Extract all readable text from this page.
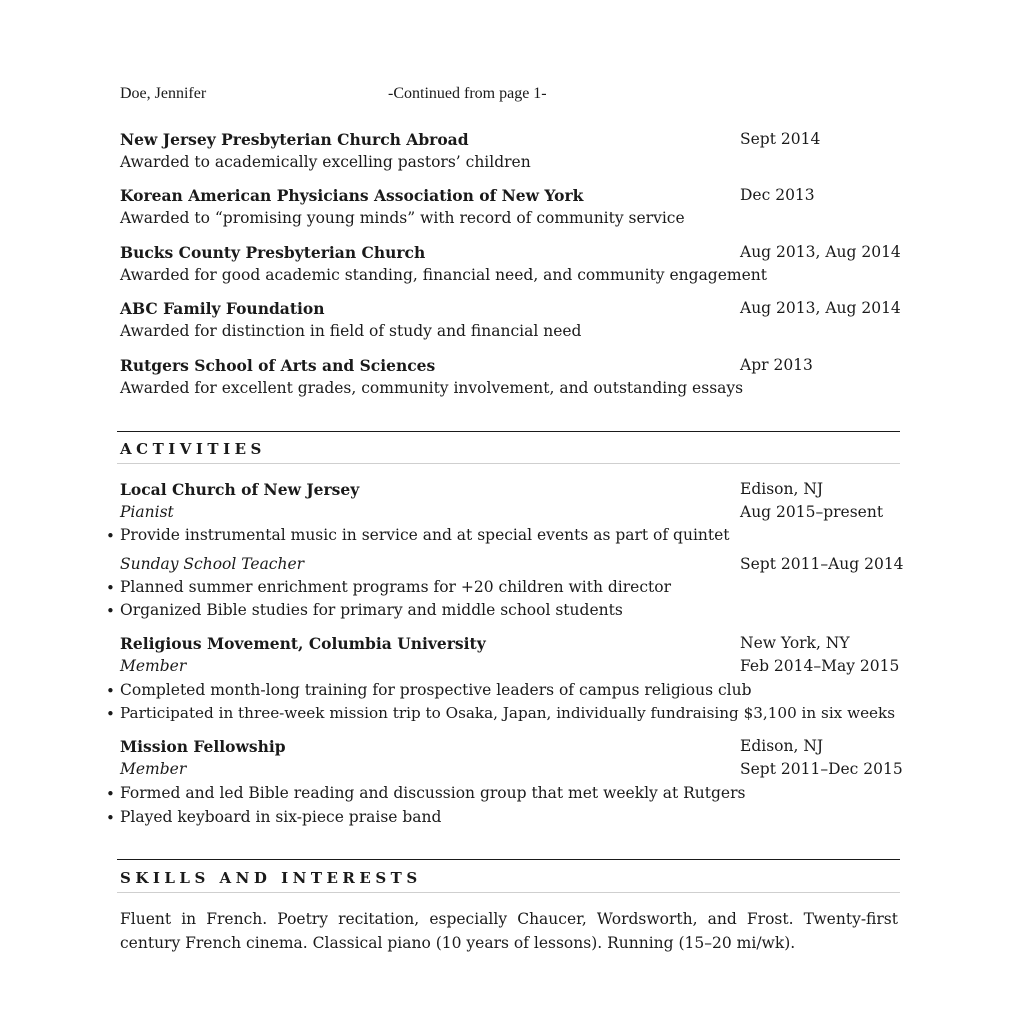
Doe, Jennifer	-Continued from page 1-
New Jersey Presbyterian Church Abroad	Sept 2014
Awarded to academically excelling pastors’ children
Korean American Physicians Association of New York	Dec 2013
Awarded to “promising young minds” with record of community service
Bucks County Presbyterian Church	Aug 2013, Aug 2014
Awarded for good academic standing, financial need, and community engagement
ABC Family Foundation	Aug 2013, Aug 2014
Awarded for distinction in field of study and financial need
Rutgers School of Arts and Sciences	Apr 2013
Awarded for excellent grades, community involvement, and outstanding essays
ACTIVITIES
Local Church of New Jersey	Edison, NJ
Pianist	Aug 2015–present
• Provide instrumental music in service and at special events as part of quintet
Sunday School Teacher	Sept 2011–Aug 2014
• Planned summer enrichment programs for +20 children with director
• Organized Bible studies for primary and middle school students
Religious Movement, Columbia University	New York, NY
Member	Feb 2014–May 2015
• Completed month-long training for prospective leaders of campus religious club
• Participated in three-week mission trip to Osaka, Japan, individually fundraising $3,100 in six weeks
Mission Fellowship	Edison, NJ
Member	Sept 2011–Dec 2015
• Formed and led Bible reading and discussion group that met weekly at Rutgers
• Played keyboard in six-piece praise band
SKILLS AND INTERESTS
Fluent in French. Poetry recitation, especially Chaucer, Wordsworth, and Frost. Twenty-first century French cinema. Classical piano (10 years of lessons). Running (15–20 mi/wk).
